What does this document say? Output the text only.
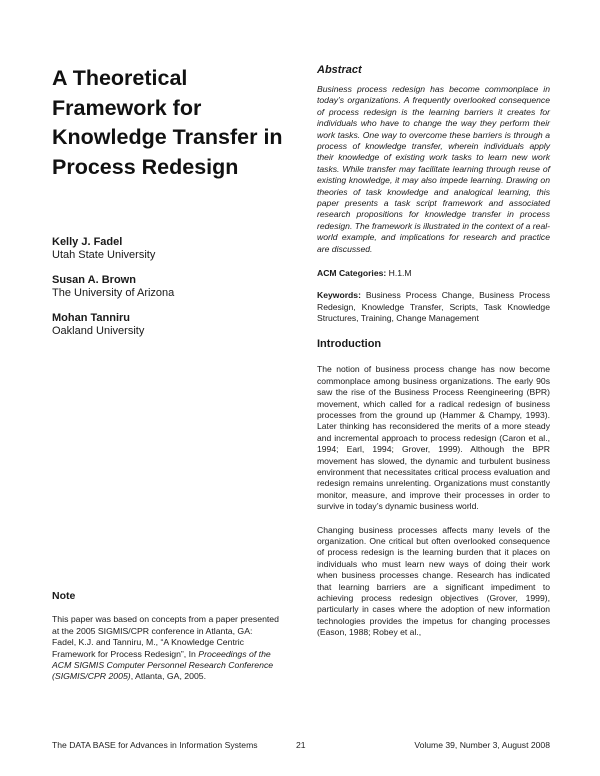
A Theoretical Framework for Knowledge Transfer in Process Redesign
Kelly J. Fadel
Utah State University
Susan A. Brown
The University of Arizona
Mohan Tanniru
Oakland University
Note

This paper was based on concepts from a paper presented at the 2005 SIGMIS/CPR conference in Atlanta, GA:

Fadel, K.J. and Tanniru, M., “A Knowledge Centric Framework for Process Redesign”, In Proceedings of the ACM SIGMIS Computer Personnel Research Conference (SIGMIS/CPR 2005), Atlanta, GA, 2005.

Abstract

Business process redesign has become commonplace in today’s organizations. A frequently overlooked consequence of process redesign is the learning barriers it creates for individuals who have to change the way they perform their work tasks. One way to overcome these barriers is through a process of knowledge transfer, wherein individuals apply their knowledge of existing work tasks to learn new work tasks. While transfer may facilitate learning through reuse of existing knowledge, it may also impede learning. Drawing on theories of task knowledge and analogical learning, this paper presents a task script framework and associated research propositions for knowledge transfer in process redesign. The framework is illustrated in the context of a real-world example, and implications for research and practice are discussed.

ACM Categories: H.1.M
Keywords: Business Process Change, Business Process Redesign, Knowledge Transfer, Scripts, Task Knowledge Structures, Training, Change Management
Introduction

The notion of business process change has now become commonplace among business organizations. The early 90s saw the rise of the Business Process Reengineering (BPR) movement, which called for a radical redesign of business processes from the ground up (Hammer & Champy, 1993). Later thinking has reconsidered the merits of a more steady and incremental approach to process redesign (Caron et al., 1994; Earl, 1994; Grover, 1999). Although the BPR movement has slowed, the dynamic and turbulent business environment that necessitates critical process evaluation and redesign remains unrelenting. Organizations must constantly monitor, measure, and improve their processes in order to survive in today’s dynamic business world.

Changing business processes affects many levels of the organization. One critical but often overlooked consequence of process redesign is the learning burden that it places on individuals who must learn new ways of doing their work when business processes change. Research has indicated that learning barriers are a significant impediment to achieving process redesign objectives (Grover, 1999), particularly in cases where the adoption of new information technologies provides the impetus for changing processes (Eason, 1988; Robey et al.,

The DATA BASE for Advances in Information Systems	21	Volume 39, Number 3, August 2008
